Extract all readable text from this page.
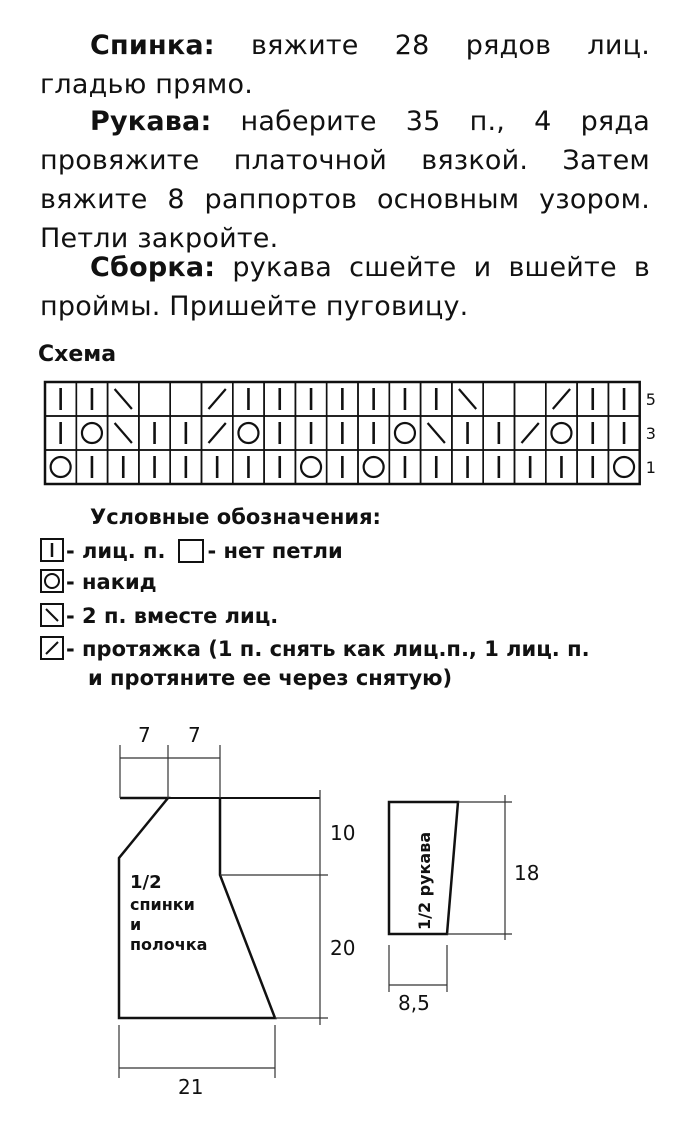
Спинка: вяжите 28 рядов лиц. гладью прямо.

Рукава: наберите 35 п., 4 ряда провяжите платочной вязкой. Затем вяжите 8 раппортов основным узором. Петли закройте.

Сборка: рукава сшейте и вшейте в проймы. Пришейте пуговицу.

Схема

5
3
1

Условные обозначения:

- лиц. п. - нет петли
- накид
- 2 п. вместе лиц.
- протяжка (1 п. снять как лиц.п., 1 лиц. п.
и протяните ее через снятую)
7 7
10
20
21
1/2
спинки
и
полочка
1/2 рукава	18
8,5
